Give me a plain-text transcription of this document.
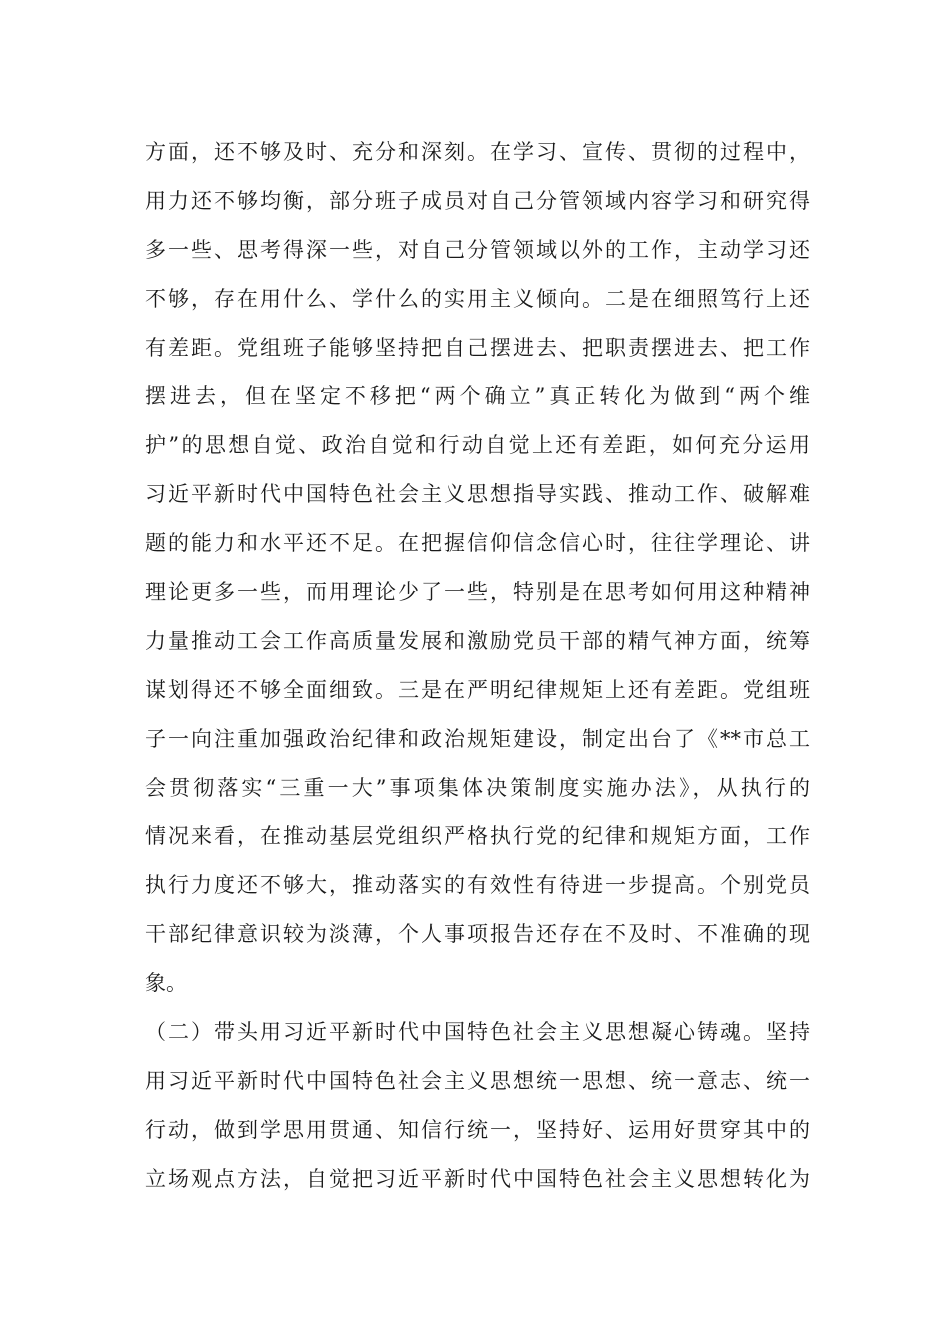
方面，还不够及时、充分和深刻。在学习、宣传、贯彻的过程中，
用力还不够均衡，部分班子成员对自己分管领域内容学习和研究得
多一些、思考得深一些，对自己分管领域以外的工作，主动学习还
不够，存在用什么、学什么的实用主义倾向。二是在细照笃行上还
有差距。党组班子能够坚持把自己摆进去、把职责摆进去、把工作
摆进去，但在坚定不移把“两个确立”真正转化为做到“两个维
护”的思想自觉、政治自觉和行动自觉上还有差距，如何充分运用
习近平新时代中国特色社会主义思想指导实践、推动工作、破解难
题的能力和水平还不足。在把握信仰信念信心时，往往学理论、讲
理论更多一些，而用理论少了一些，特别是在思考如何用这种精神
力量推动工会工作高质量发展和激励党员干部的精气神方面，统筹
谋划得还不够全面细致。三是在严明纪律规矩上还有差距。党组班
子一向注重加强政治纪律和政治规矩建设，制定出台了《**市总工
会贯彻落实“三重一大”事项集体决策制度实施办法》，从执行的
情况来看，在推动基层党组织严格执行党的纪律和规矩方面，工作
执行力度还不够大，推动落实的有效性有待进一步提高。个别党员
干部纪律意识较为淡薄，个人事项报告还存在不及时、不准确的现
象。
（二）带头用习近平新时代中国特色社会主义思想凝心铸魂。坚持
用习近平新时代中国特色社会主义思想统一思想、统一意志、统一
行动，做到学思用贯通、知信行统一，坚持好、运用好贯穿其中的
立场观点方法，自觉把习近平新时代中国特色社会主义思想转化为
